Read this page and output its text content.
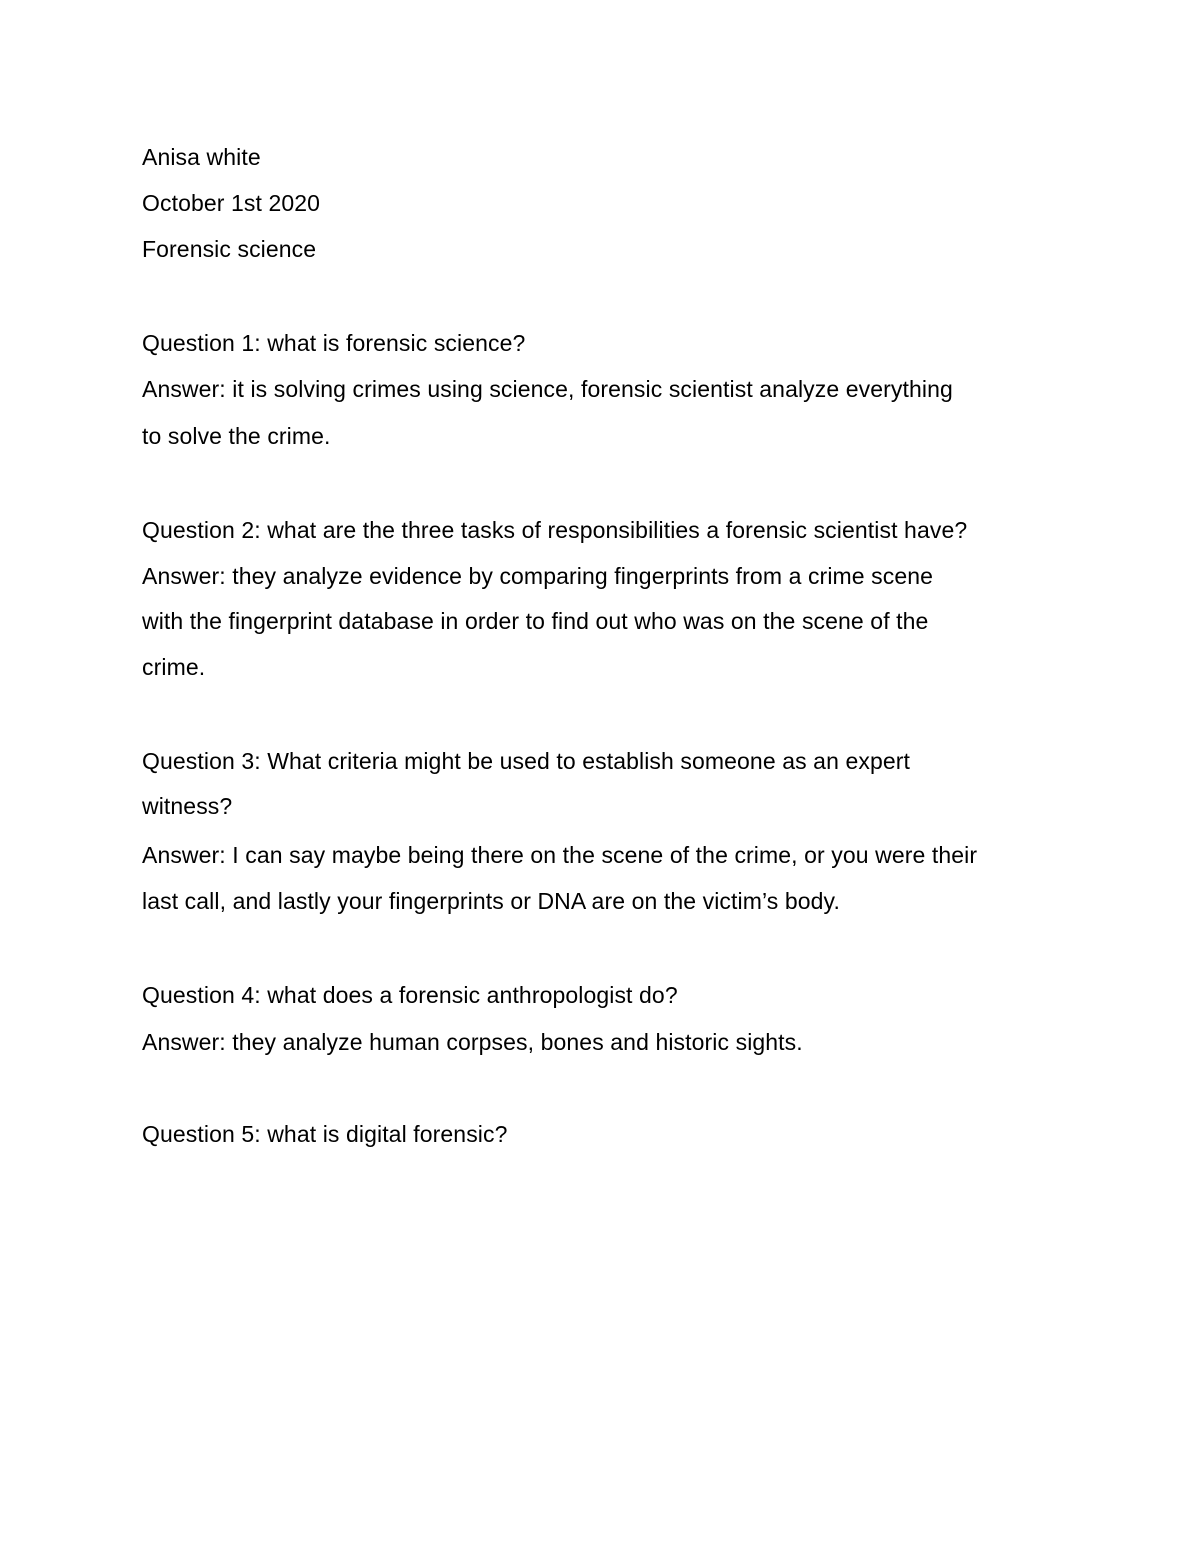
Anisa white
October 1st 2020
Forensic science
Question 1: what is forensic science?
Answer: it is solving crimes using science, forensic scientist analyze everything
to solve the crime.
Question 2: what are the three tasks of responsibilities a forensic scientist have?
Answer: they analyze evidence by comparing fingerprints from a crime scene
with the fingerprint database in order to find out who was on the scene of the
crime.
Question 3: What criteria might be used to establish someone as an expert
witness?
Answer: I can say maybe being there on the scene of the crime, or you were their
last call, and lastly your fingerprints or DNA are on the victim’s body.
Question 4: what does a forensic anthropologist do?
Answer: they analyze human corpses, bones and historic sights.
Question 5: what is digital forensic?
